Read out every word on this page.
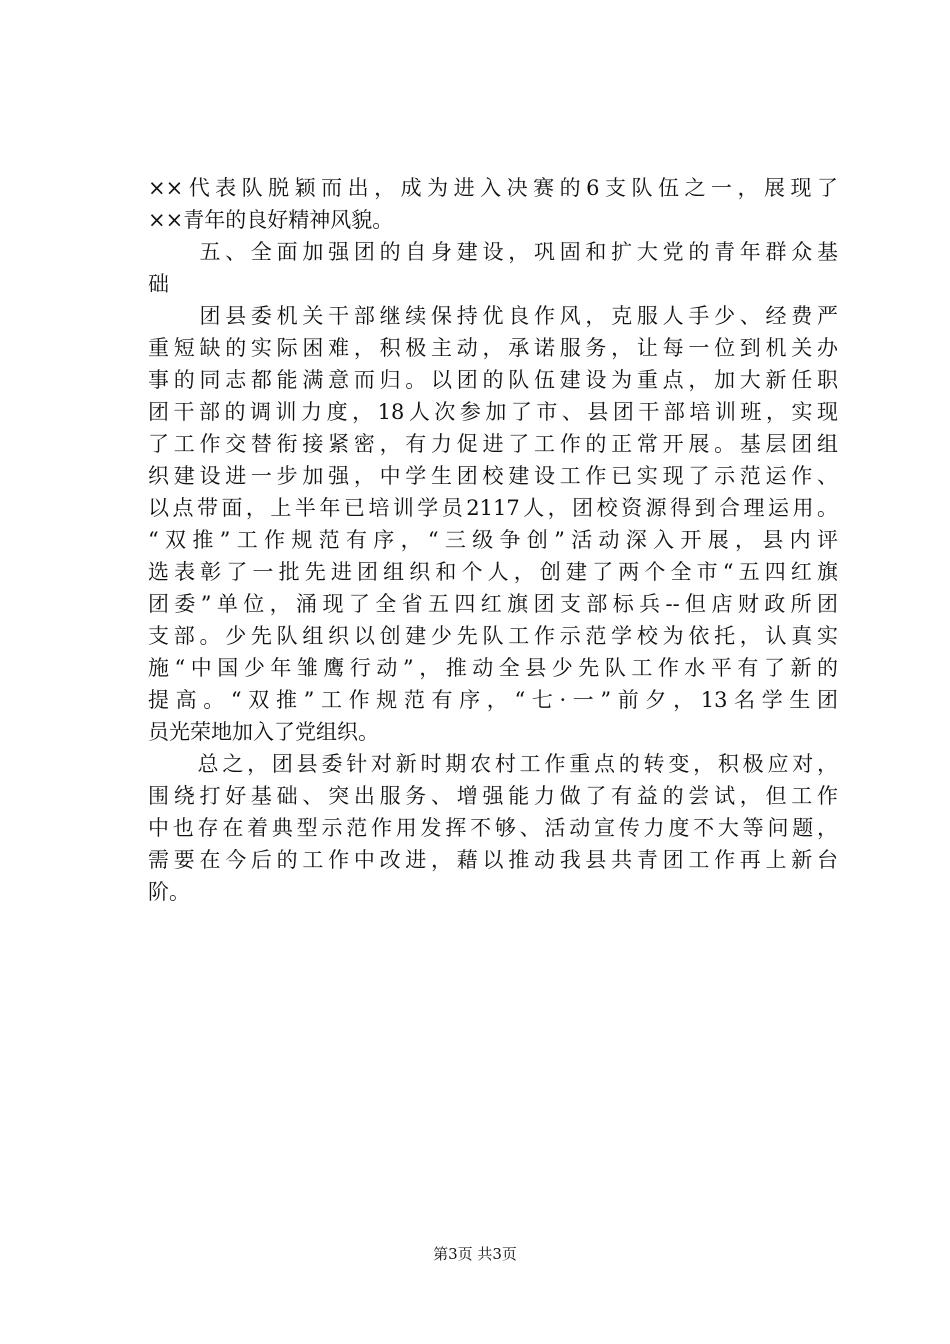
××代表队脱颖而出，成为进入决赛的6支队伍之一，展现了
××青年的良好精神风貌。
　　五、全面加强团的自身建设，巩固和扩大党的青年群众基
础
　　团县委机关干部继续保持优良作风，克服人手少、经费严
重短缺的实际困难，积极主动，承诺服务，让每一位到机关办
事的同志都能满意而归。以团的队伍建设为重点，加大新任职
团干部的调训力度，18人次参加了市、县团干部培训班，实现
了工作交替衔接紧密，有力促进了工作的正常开展。基层团组
织建设进一步加强，中学生团校建设工作已实现了示范运作、
以点带面，上半年已培训学员2117人，团校资源得到合理运用。
“双推”工作规范有序，“三级争创”活动深入开展，县内评
选表彰了一批先进团组织和个人，创建了两个全市“五四红旗
团委”单位，涌现了全省五四红旗团支部标兵--但店财政所团
支部。少先队组织以创建少先队工作示范学校为依托，认真实
施“中国少年雏鹰行动”，推动全县少先队工作水平有了新的
提高。“双推”工作规范有序，“七·一”前夕，13名学生团
员光荣地加入了党组织。
　　总之，团县委针对新时期农村工作重点的转变，积极应对，
围绕打好基础、突出服务、增强能力做了有益的尝试，但工作
中也存在着典型示范作用发挥不够、活动宣传力度不大等问题，
需要在今后的工作中改进，藉以推动我县共青团工作再上新台
阶。
第3页 共3页
